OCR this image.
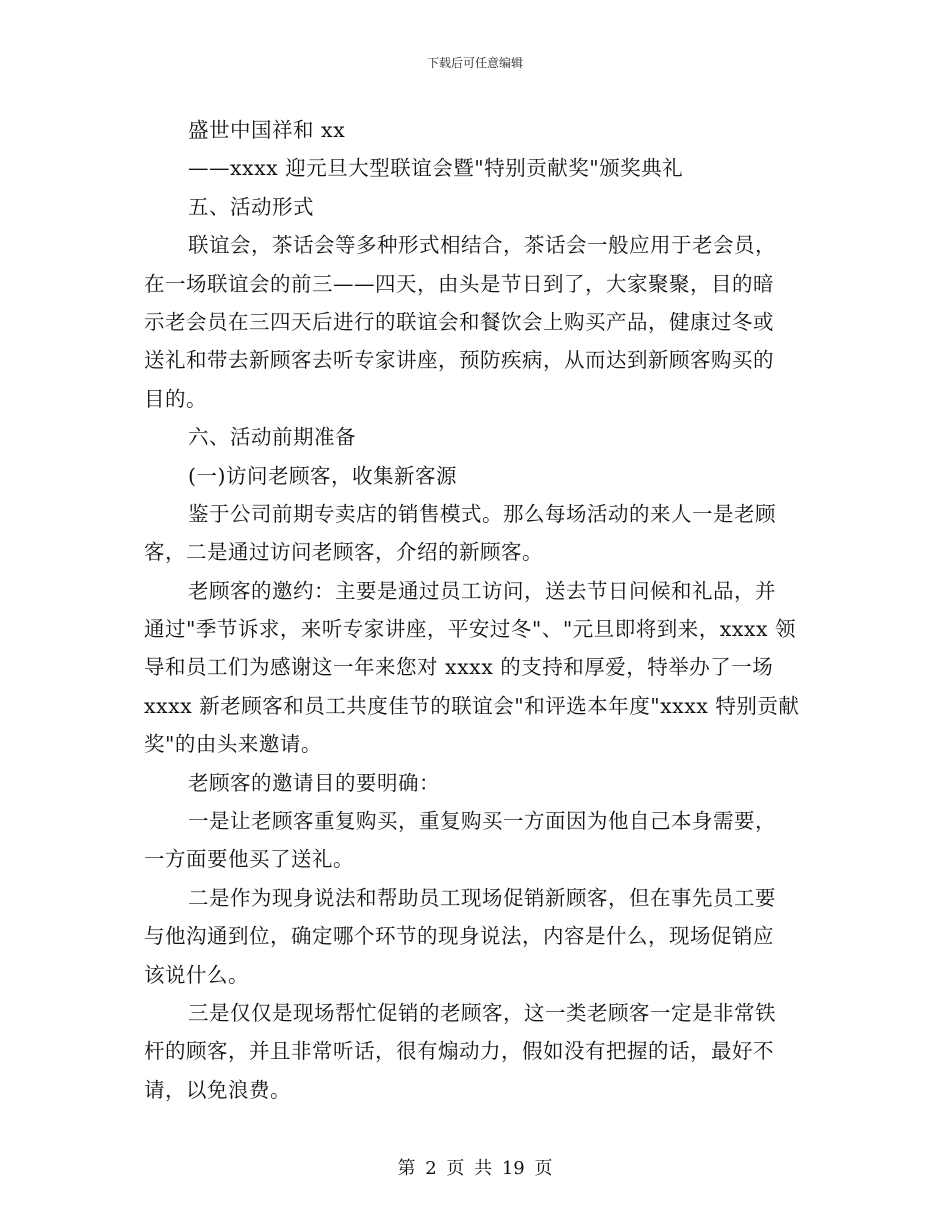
下载后可任意编辑
盛世中国祥和 xx
——xxxx 迎元旦大型联谊会暨"特别贡献奖"颁奖典礼
五、活动形式
联谊会，茶话会等多种形式相结合，茶话会一般应用于老会员，
在一场联谊会的前三——四天，由头是节日到了，大家聚聚，目的暗
示老会员在三四天后进行的联谊会和餐饮会上购买产品，健康过冬或
送礼和带去新顾客去听专家讲座，预防疾病，从而达到新顾客购买的
目的。
六、活动前期准备
(一)访问老顾客，收集新客源
鉴于公司前期专卖店的销售模式。那么每场活动的来人一是老顾
客，二是通过访问老顾客，介绍的新顾客。
老顾客的邀约：主要是通过员工访问，送去节日问候和礼品，并
通过"季节诉求，来听专家讲座，平安过冬"、"元旦即将到来，xxxx 领
导和员工们为感谢这一年来您对 xxxx 的支持和厚爱，特举办了一场
xxxx 新老顾客和员工共度佳节的联谊会"和评选本年度"xxxx 特别贡献
奖"的由头来邀请。
老顾客的邀请目的要明确：
一是让老顾客重复购买，重复购买一方面因为他自己本身需要，
一方面要他买了送礼。
二是作为现身说法和帮助员工现场促销新顾客，但在事先员工要
与他沟通到位，确定哪个环节的现身说法，内容是什么，现场促销应
该说什么。
三是仅仅是现场帮忙促销的老顾客，这一类老顾客一定是非常铁
杆的顾客，并且非常听话，很有煽动力，假如没有把握的话，最好不
请，以免浪费。
第 2 页 共 19 页
